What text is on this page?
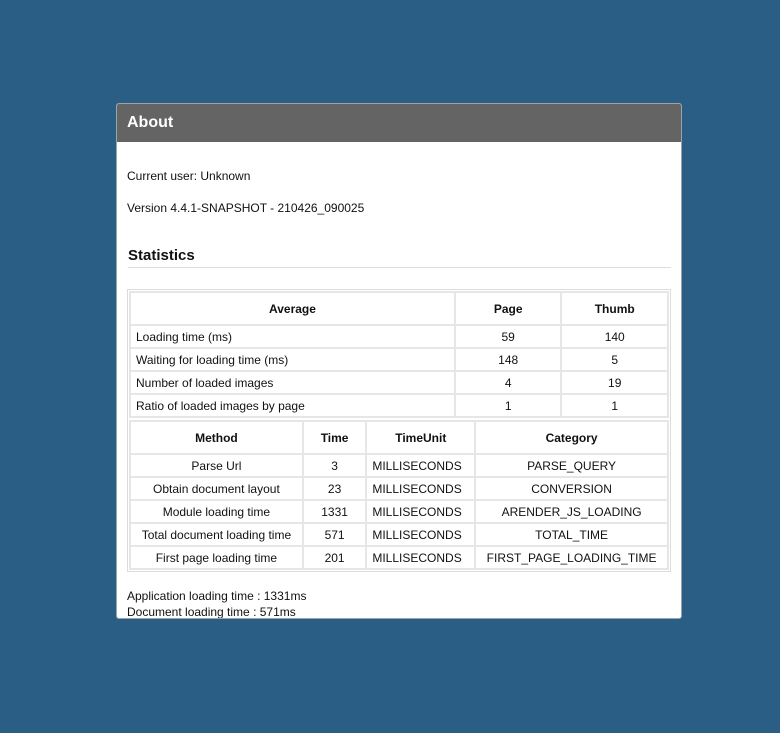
About

Current user: Unknown

Version 4.4.1-SNAPSHOT - 210426_090025

Statistics
Average	Page	Thumb
Loading time (ms)	59	140
Waiting for loading time (ms)	148	5
Number of loaded images	4	19
Ratio of loaded images by page	1	1
Method	Time	TimeUnit	Category
Parse Url	3	MILLISECONDS	PARSE_QUERY
Obtain document layout	23	MILLISECONDS	CONVERSION
Module loading time	1331	MILLISECONDS	ARENDER_JS_LOADING
Total document loading time	571	MILLISECONDS	TOTAL_TIME
First page loading time	201	MILLISECONDS	FIRST_PAGE_LOADING_TIME
Application loading time : 1331ms
Document loading time : 571ms
